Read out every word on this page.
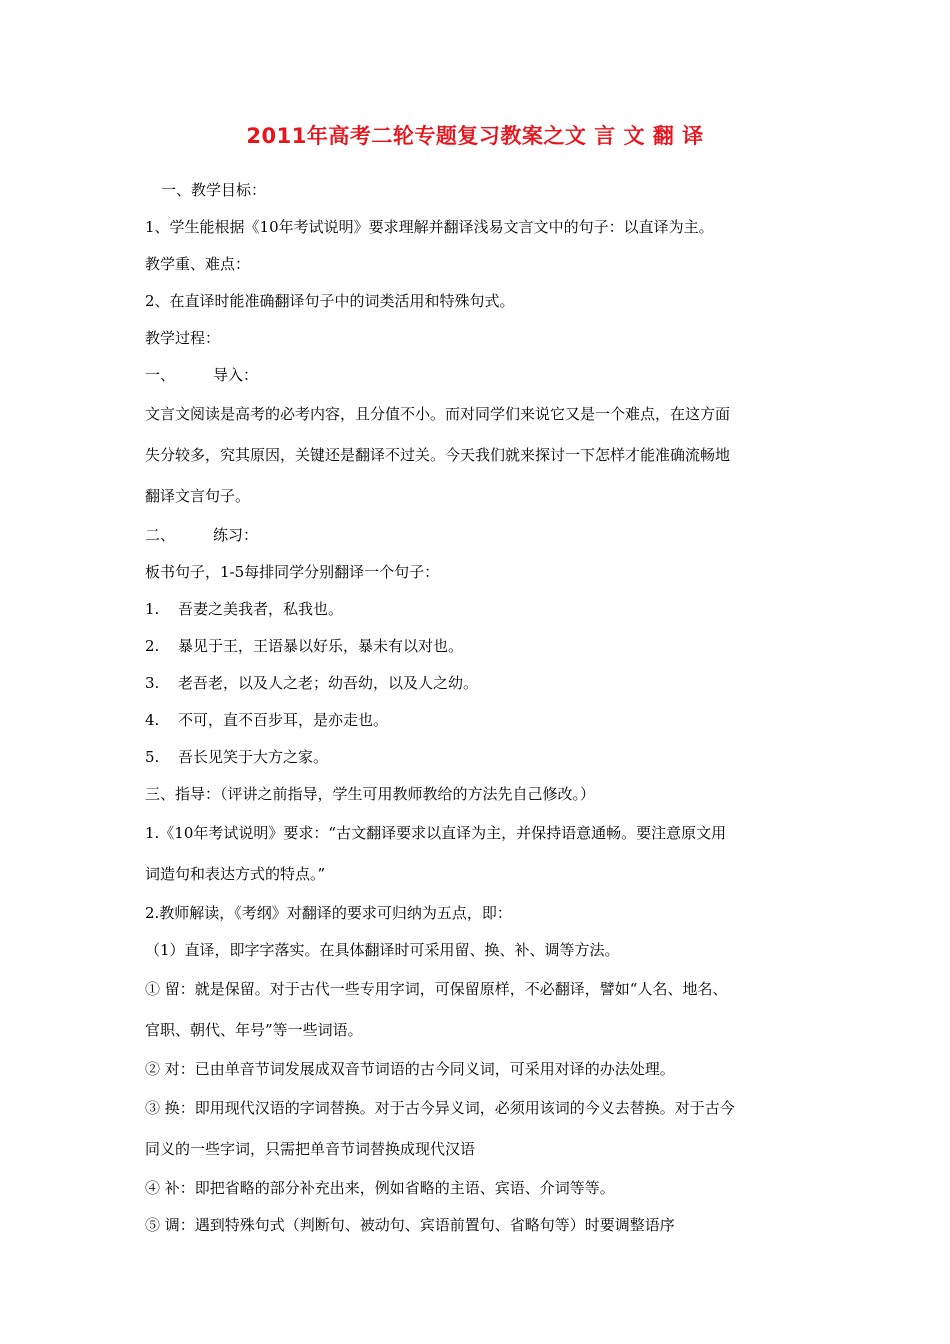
2011年高考二轮专题复习教案之文 言 文 翻 译
一、教学目标：
1、学生能根据《10年考试说明》要求理解并翻译浅易文言文中的句子：以直译为主。
教学重、难点：
2、在直译时能准确翻译句子中的词类活用和特殊句式。
教学过程：
一、	导入：
文言文阅读是高考的必考内容，且分值不小。而对同学们来说它又是一个难点，在这方面
失分较多，究其原因，关键还是翻译不过关。今天我们就来探讨一下怎样才能准确流畅地
翻译文言句子。
二、	练习：
板书句子，1-5每排同学分别翻译一个句子：
1. 吾妻之美我者，私我也。
2. 暴见于王，王语暴以好乐，暴未有以对也。
3. 老吾老，以及人之老；幼吾幼，以及人之幼。
4. 不可，直不百步耳，是亦走也。
5. 吾长见笑于大方之家。
三、指导：（评讲之前指导，学生可用教师教给的方法先自己修改。）
1.《10年考试说明》要求：“古文翻译要求以直译为主，并保持语意通畅。要注意原文用
词造句和表达方式的特点。”
2.教师解读，《考纲》对翻译的要求可归纳为五点，即：
（1）直译，即字字落实。在具体翻译时可采用留、换、补、调等方法。
① 留：就是保留。对于古代一些专用字词，可保留原样，不必翻译，譬如“人名、地名、
官职、朝代、年号”等一些词语。
② 对：已由单音节词发展成双音节词语的古今同义词，可采用对译的办法处理。
③ 换：即用现代汉语的字词替换。对于古今异义词，必须用该词的今义去替换。对于古今
同义的一些字词，只需把单音节词替换成现代汉语
④ 补：即把省略的部分补充出来，例如省略的主语、宾语、介词等等。
⑤ 调：遇到特殊句式（判断句、被动句、宾语前置句、省略句等）时要调整语序
